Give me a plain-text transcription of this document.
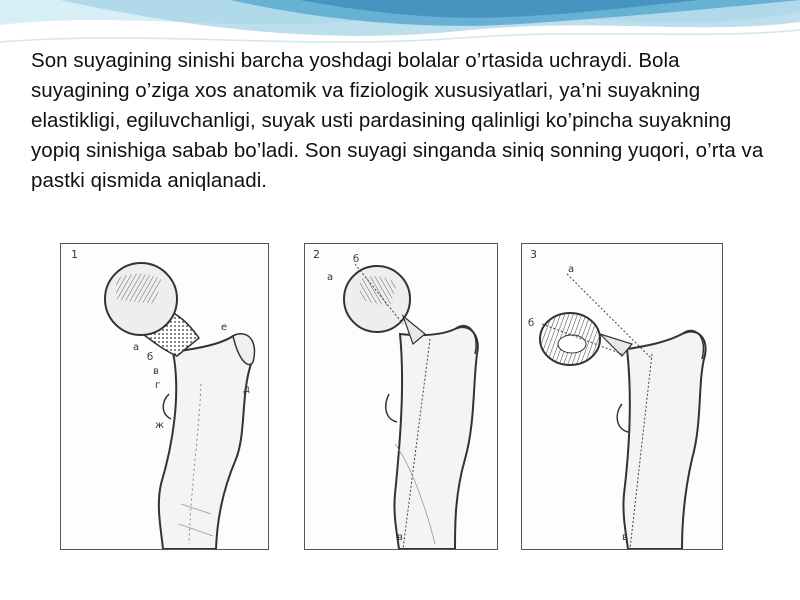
Son suyagining sinishi barcha yoshdagi bolalar o’rtasida uchraydi. Bola suyagining o’ziga xos anatomik va fiziologik xususiyatlari, ya’ni suyakning elastikligi, egiluvchanligi, suyak usti pardasining qalinligi ko’pincha suyakning yopiq sinishiga sabab bo’ladi. Son suyagi singanda siniq sonning yuqori, o’rta va pastki qismida aniqlanadi.

1
а
б
в
г	д
е
ж
2
а
б
в
3
а
б
в
